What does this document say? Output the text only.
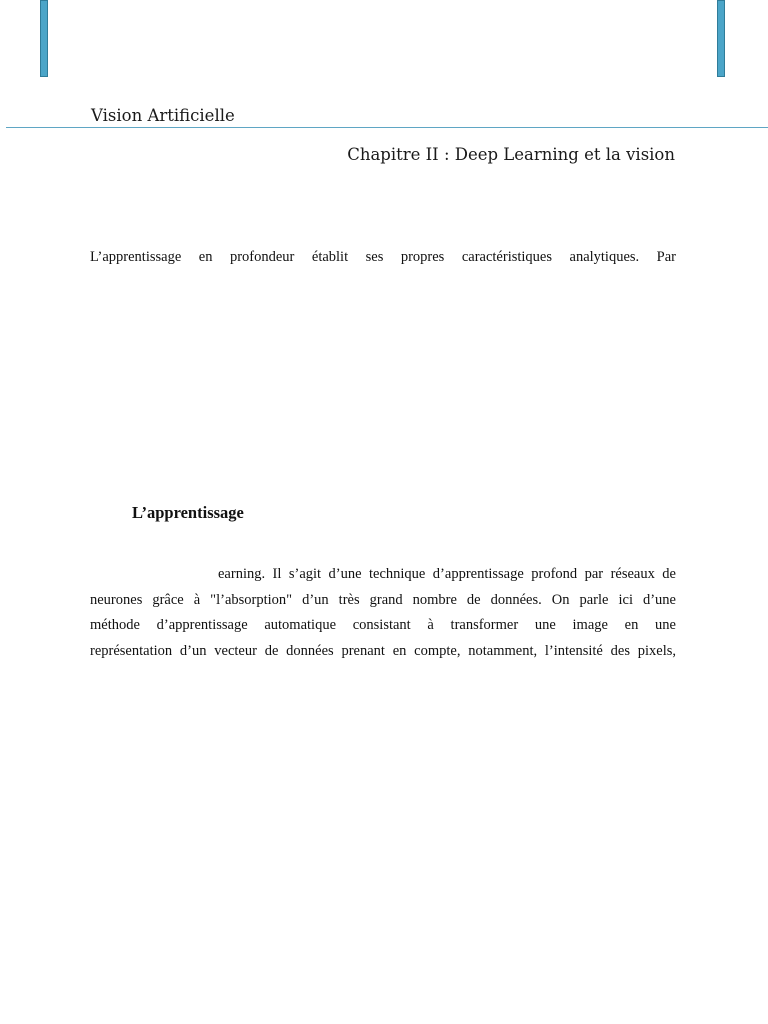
Vision Artificielle
Chapitre II : Deep Learning et la vision
L’apprentissage en profondeur établit ses propres caractéristiques analytiques. Par
L’apprentissage
earning. Il s’agit d’une technique d’apprentissage profond par réseaux de
neurones grâce à "l’absorption" d’un très grand nombre de données. On parle ici d’une
méthode d’apprentissage automatique consistant à transformer une image en une
représentation d’un vecteur de données prenant en compte, notamment, l’intensité des pixels,
